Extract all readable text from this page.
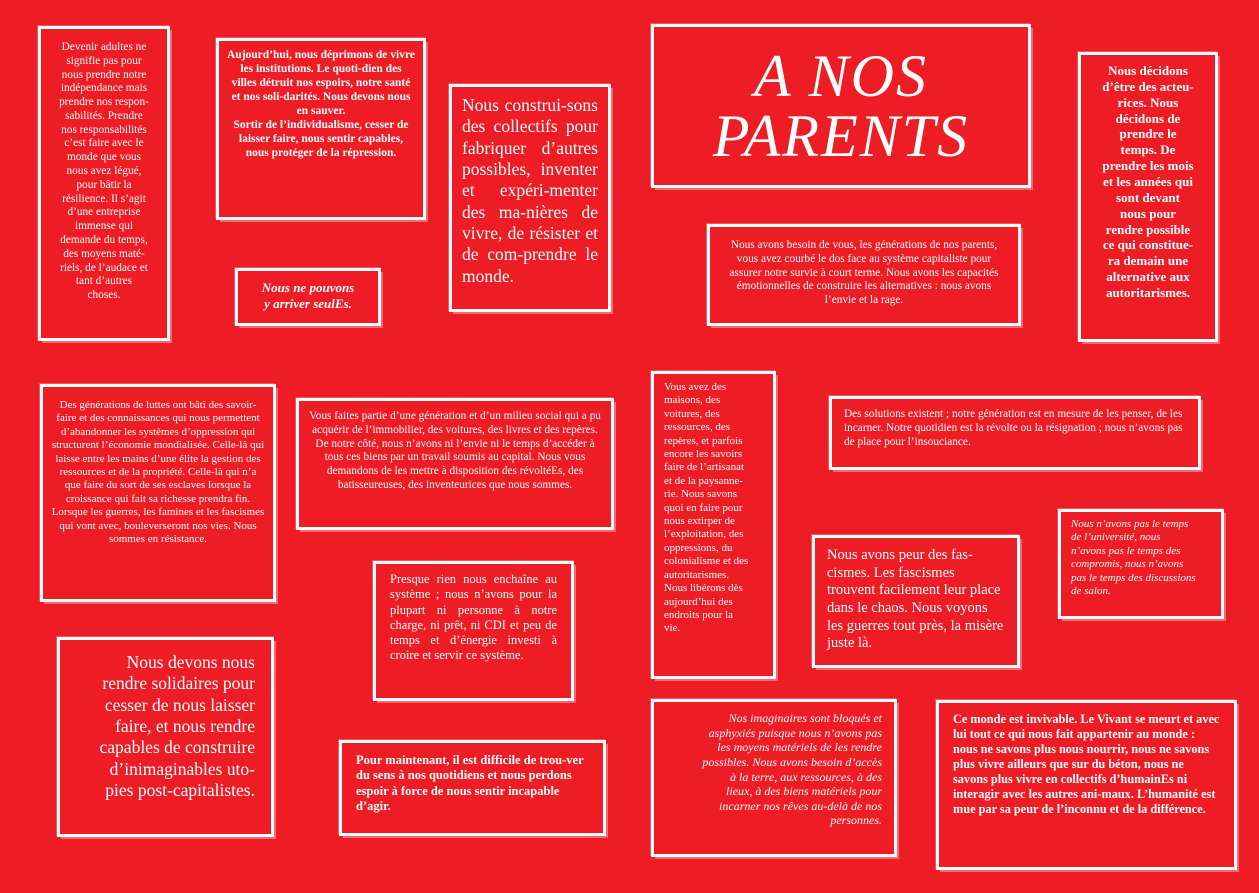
A NOS
PARENTS

Devenir adultes ne
signifie pas pour
nous prendre notre
indépendance mais
prendre nos respon-
sabilités. Prendre
nos responsabilités
c’est faire avec le
monde que vous
nous avez légué,
pour bâtir la
résilience. Il s’agit
d’une entreprise
immense qui
demande du temps,
des moyens maté-
riels, de l’audace et
tant d’autres
choses.

Aujourd’hui, nous déprimons de vivre les institutions. Le quoti-dien des villes détruit nos espoirs, notre santé et nos soli-darités. Nous devons nous en sauver.
Sortir de l’individualisme, cesser de laisser faire, nous sentir capables, nous protéger de la répression.

Nous ne pouvons
y arriver seulEs.

Nous construi-sons des collectifs pour fabriquer d’autres possibles, inventer et expéri-menter des ma-nières de vivre, de résister et de com-prendre le monde.

Nous avons besoin de vous, les générations de nos parents, vous avez courbé le dos face au système capitaliste pour assurer notre survie à court terme. Nous avons les capacités émotionnelles de construire les alternatives : nous avons l’envie et la rage.

Nous décidons
d’être des acteu-
rices. Nous
décidons de
prendre le
temps. De
prendre les mois
et les années qui
sont devant
nous pour
rendre possible
ce qui constitue-
ra demain une
alternative aux
autoritarismes.

Des générations de luttes ont bâti des savoir-faire et des connaissances qui nous permettent d’abandonner les systèmes d’oppression qui structurent l’économie mondialisée. Celle-là qui laisse entre les mains d’une élite la gestion des ressources et de la propriété. Celle-là qui n’a que faire du sort de ses esclaves lorsque la croissance qui fait sa richesse prendra fin. Lorsque les guerres, les famines et les fascismes qui vont avec, bouleverseront nos vies. Nous sommes en résistance.

Vous faites partie d’une génération et d’un milieu social qui a pu acquérir de l’immobilier, des voitures, des livres et des repères. De notre côté, nous n’avons ni l’envie ni le temps d’accéder à tous ces biens par un travail soumis au capital. Nous vous demandons de les mettre à disposition des révoltéEs, des batisseureuses, des inventeurices que nous sommes.

Vous avez des
maisons, des
voitures, des
ressources, des
repères, et parfois
encore les savoirs
faire de l’artisanat
et de la paysanne-
rie. Nous savons
quoi en faire pour
nous extirper de
l’exploitation, des
oppressions, du
colonialisme et des
autoritarismes.
Nous libérons dès
aujourd’hui des
endroits pour la
vie.

Des solutions existent ; notre génération est en mesure de les penser, de les incarner. Notre quotidien est la révolte ou la résignation ; nous n’avons pas de place pour l’insouciance.

Nous n’avons pas le temps
de l’université, nous
n’avons pas le temps des
compromis, nous n’avons
pas le temps des discussions
de salon.

Nous avons peur des fas-cismes. Les fascismes trouvent facilement leur place dans le chaos. Nous voyons les guerres tout près, la misère juste là.

Presque rien nous enchaîne au système ; nous n’avons pour la plupart ni personne à notre charge, ni prêt, ni CDI et peu de temps et d’énergie investi à croire et servir ce système.

Nous devons nous
rendre solidaires pour
cesser de nous laisser
faire, et nous rendre
capables de construire
d’inimaginables uto-
pies post-capitalistes.

Pour maintenant, il est difficile de trou-ver du sens à nos quotidiens et nous perdons espoir à force de nous sentir incapable d’agir.

Nos imaginaires sont bloqués et
asphyxiés puisque nous n’avons pas
les moyens matériels de les rendre
possibles. Nous avons besoin d’accès
à la terre, aux ressources, à des
lieux, à des biens matériels pour
incarner nos rêves au-delà de nos
personnes.

Ce monde est invivable. Le Vivant se meurt et avec lui tout ce qui nous fait appartenir au monde : nous ne savons plus nous nourrir, nous ne savons plus vivre ailleurs que sur du béton, nous ne savons plus vivre en collectifs d’humainEs ni interagir avec les autres ani-maux. L’humanité est mue par sa peur de l’inconnu et de la différence.
